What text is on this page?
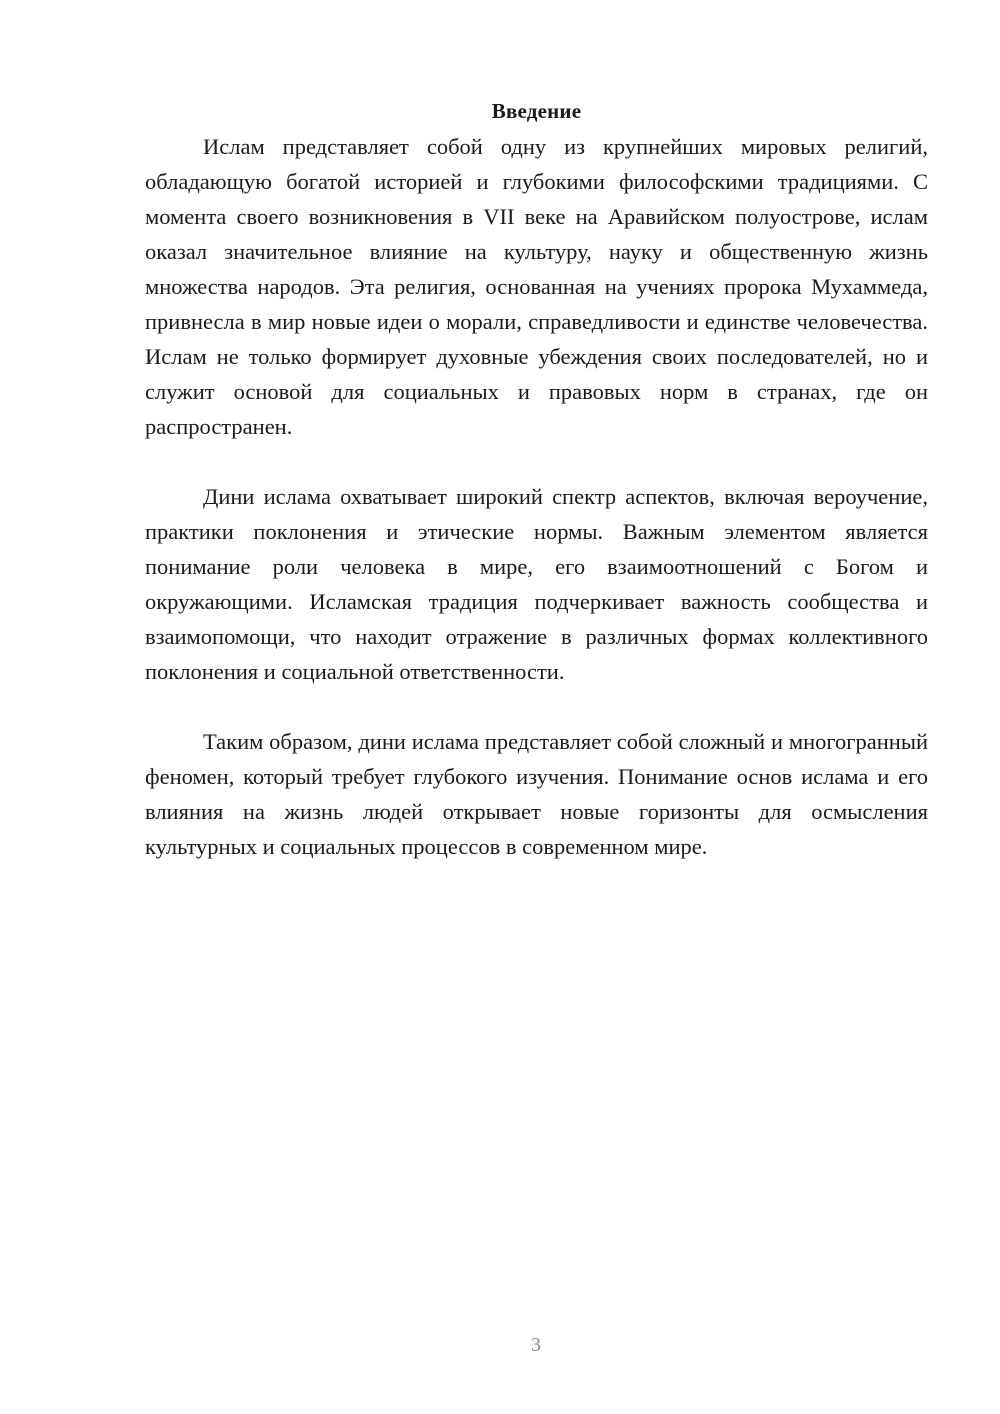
Введение

Ислам представляет собой одну из крупнейших мировых религий, обладающую богатой историей и глубокими философскими традициями. С момента своего возникновения в VII веке на Аравийском полуострове, ислам оказал значительное влияние на культуру, науку и общественную жизнь множества народов. Эта религия, основанная на учениях пророка Мухаммеда, привнесла в мир новые идеи о морали, справедливости и единстве человечества. Ислам не только формирует духовные убеждения своих последователей, но и служит основой для социальных и правовых норм в странах, где он распространен.

Дини ислама охватывает широкий спектр аспектов, включая вероучение, практики поклонения и этические нормы. Важным элементом является понимание роли человека в мире, его взаимоотношений с Богом и окружающими. Исламская традиция подчеркивает важность сообщества и взаимопомощи, что находит отражение в различных формах коллективного поклонения и социальной ответственности.

Таким образом, дини ислама представляет собой сложный и многогранный феномен, который требует глубокого изучения. Понимание основ ислама и его влияния на жизнь людей открывает новые горизонты для осмысления культурных и социальных процессов в современном мире.

3
